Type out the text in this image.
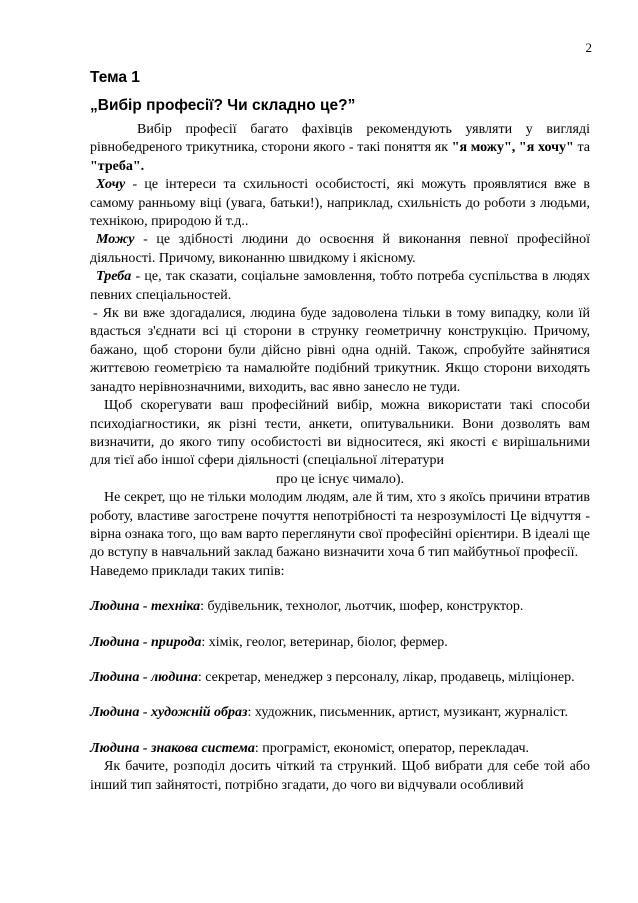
2
Тема 1
„Вибір професії? Чи складно це?”

Вибір професії багато фахівців рекомендують уявляти у вигляді рівнобедреного трикутника, сторони якого - такі поняття як "я можу", "я хочу" та "треба".

Хочу - це інтереси та схильності особистості, які можуть проявлятися вже в самому ранньому віці (увага, батьки!), наприклад, схильність до роботи з людьми, технікою, природою й т.д..

Можу - це здібності людини до освоєння й виконання певної професійної діяльності. Причому, виконанню швидкому і якісному.

Треба - це, так сказати, соціальне замовлення, тобто потреба суспільства в людях певних спеціальностей.

- Як ви вже здогадалися, людина буде задоволена тільки в тому випадку, коли їй вдасться з'єднати всі ці сторони в струнку геометричну конструкцію. Причому, бажано, щоб сторони були дійсно рівні одна одній. Також, спробуйте зайнятися життєвою геометрією та намалюйте подібний трикутник. Якщо сторони виходять занадто нерівнозначними, виходить, вас явно занесло не туди.

Щоб скорегувати ваш професійний вибір, можна використати такі способи психодіагностики, як різні тести, анкети, опитувальники. Вони дозволять вам визначити, до якого типу особистості ви відноситеся, які якості є вирішальними для тієї або іншої сфери діяльності (спеціальної літератури

про це існує чимало).

Не секрет, що не тільки молодим людям, але й тим, хто з якоїсь причини втратив роботу, властиве загострене почуття непотрібності та незрозумілості Це відчуття - вірна ознака того, що вам варто переглянути свої професійні орієнтири. В ідеалі ще до вступу в навчальний заклад бажано визначити хоча б тип майбутньої професії.

Наведемо приклади таких типів:

Людина - техніка: будівельник, технолог, льотчик, шофер, конструктор.

Людина - природа: хімік, геолог, ветеринар, біолог, фермер.

Людина - людина: секретар, менеджер з персоналу, лікар, продавець, міліціонер.

Людина - художній образ: художник, письменник, артист, музикант, журналіст.

Людина - знакова система: програміст, економіст, оператор, перекладач.

Як бачите, розподіл досить чіткий та стрункий. Щоб вибрати для себе той або інший тип зайнятості, потрібно згадати, до чого ви відчували особливий
